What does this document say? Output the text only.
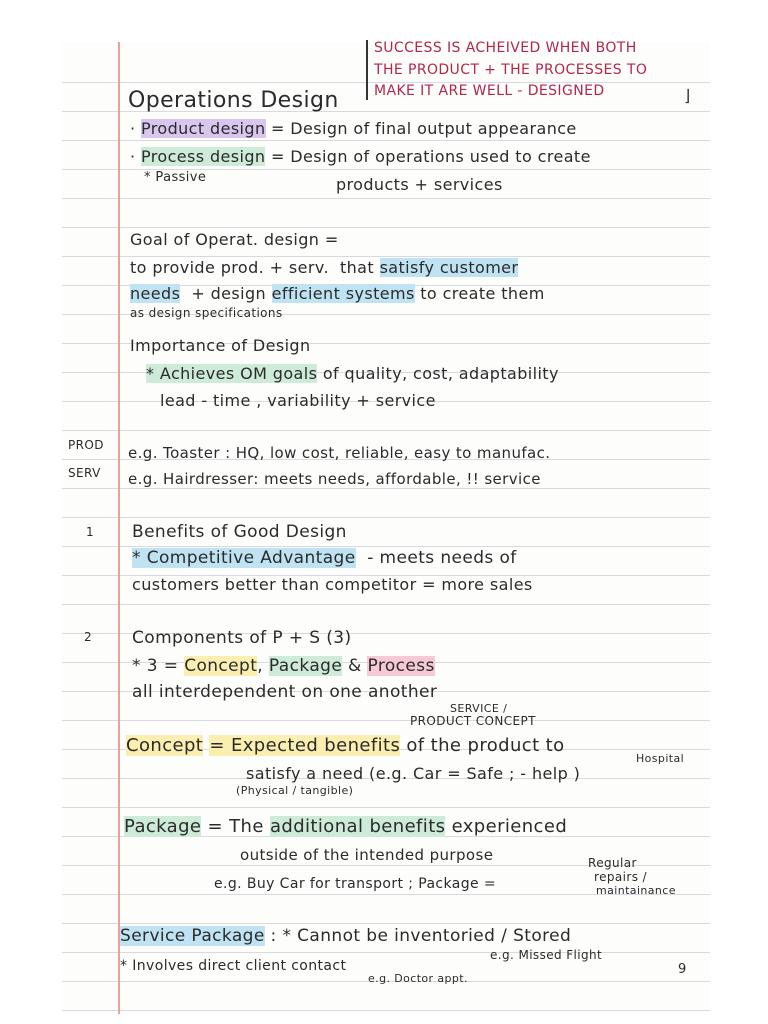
SUCCESS IS ACHEIVED WHEN BOTH
THE PRODUCT + THE PROCESSES TO
MAKE IT ARE WELL - DESIGNED	⌋
Operations Design
· Product design = Design of final output appearance
· Process design = Design of operations used to create
* Passive	products + services
Goal of Operat. design =
to provide prod. + serv. that satisfy customer
needs + design efficient systems to create them
as design specifications
Importance of Design
* Achieves OM goals of quality, cost, adaptability
lead - time , variability + service
PROD e.g. Toaster : HQ, low cost, reliable, easy to manufac.
SERV e.g. Hairdresser: meets needs, affordable, !! service
1 Benefits of Good Design
* Competitive Advantage - meets needs of
customers better than competitor = more sales
2 Components of P + S (3)
* 3 = Concept, Package & Process
all interdependent on one another
SERVICE /
PRODUCT CONCEPT
Concept = Expected benefits of the product to
Hospital
satisfy a need (e.g. Car = Safe ; - help )
(Physical / tangible)
Package = The additional benefits experienced
outside of the intended purpose
e.g. Buy Car for transport ; Package =
Regular
repairs /
maintainance
Service Package : * Cannot be inventoried / Stored
e.g. Missed Flight
* Involves direct client contact
e.g. Doctor appt.
9
